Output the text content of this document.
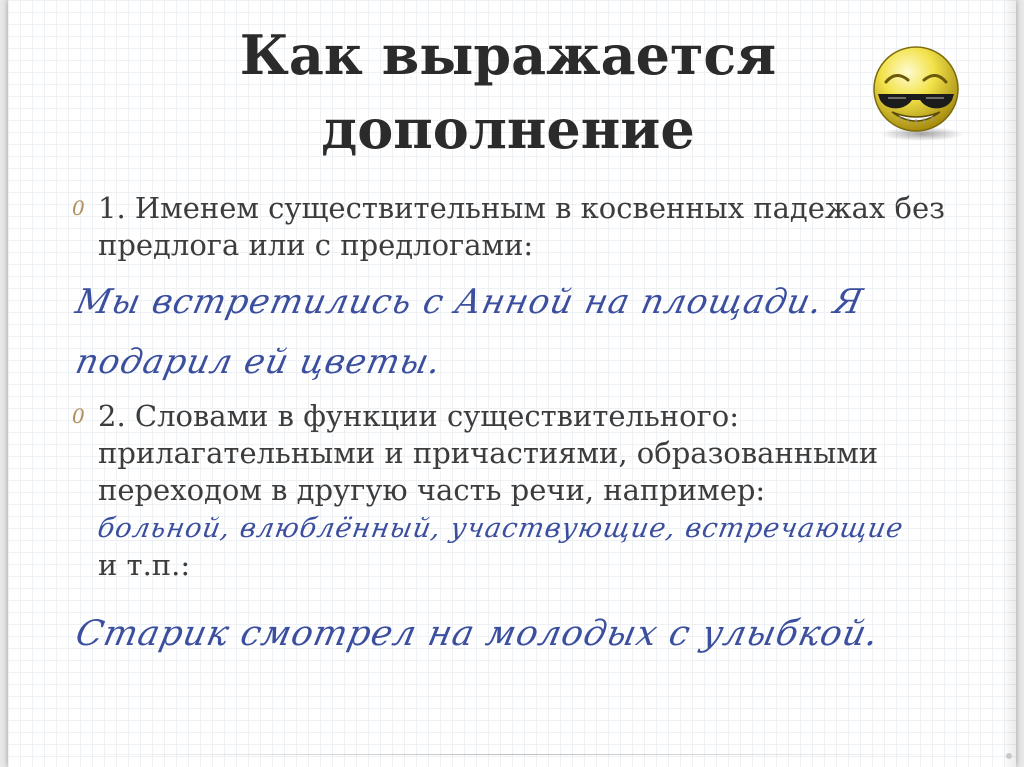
Как выражается
дополнение
0 1. Именем существительным в косвенных падежах без предлогa или с предлогами:
Мы встретились с Анной на площади. Я
подарил ей цветы.
0 2. Словами в функции существительного: прилагательными и причастиями, образованными переходом в другую часть речи, например: больной, влюблённый, участвующие, встречающие и т.п.:
Старик смотрел на молодых с улыбкой.
